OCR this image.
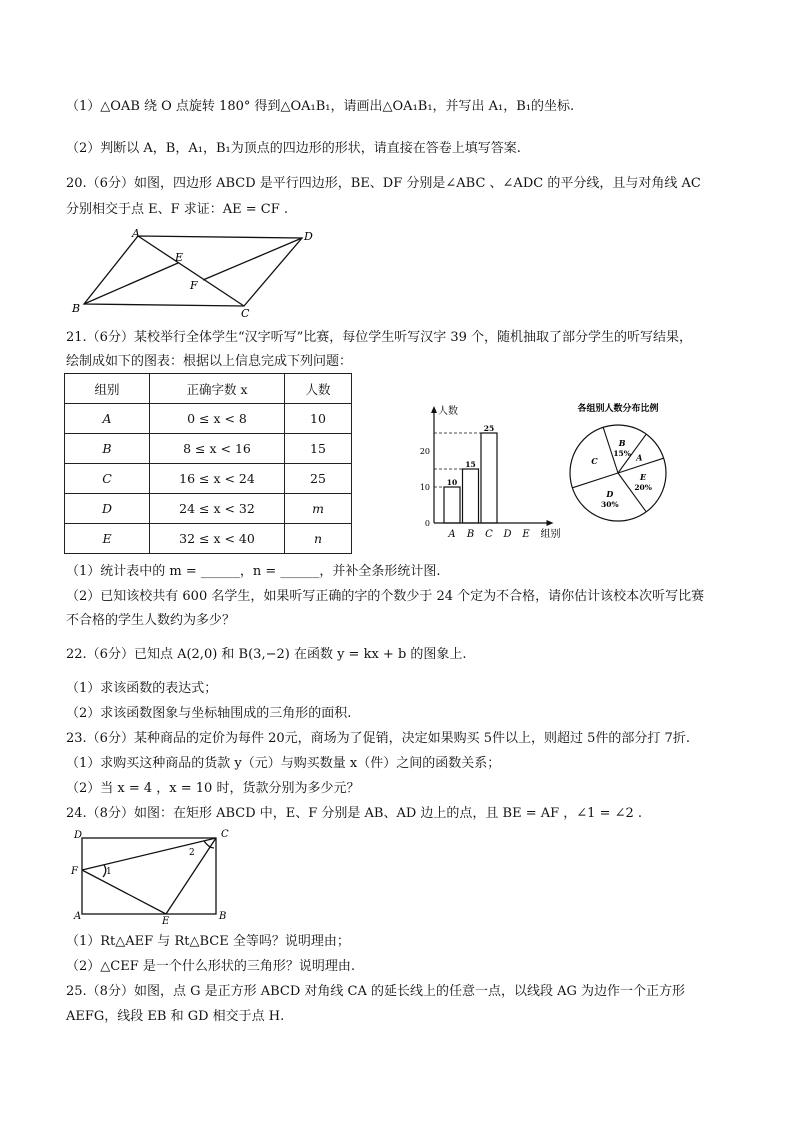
（1）△OAB 绕 O 点旋转 180° 得到△OA₁B₁，请画出△OA₁B₁，并写出 A₁，B₁的坐标.
（2）判断以 A，B，A₁，B₁为顶点的四边形的形状，请直接在答卷上填写答案.
20.（6分）如图，四边形 ABCD 是平行四边形，BE、DF 分别是∠ABC 、∠ADC 的平分线，且与对角线 AC
分别相交于点 E、F 求证：AE = CF .
A	D
E
F
B	C
21.（6分）某校举行全体学生“汉字听写”比赛，每位学生听写汉字 39 个，随机抽取了部分学生的听写结果，
绘制成如下的图表：根据以上信息完成下列问题：
组别	正确字数 x	人数
A	0 ≤ x < 8	10
B	8 ≤ x < 16	15
C	16 ≤ x < 24	25
D	24 ≤ x < 32	m
E	32 ≤ x < 40	n
人数
组别
0
10
20
A
10
B
15
C
25
D E
各组别人数分布比例
B
15% A
E
20%
D
30%
C
（1）统计表中的 m = ______，n = ______，并补全条形统计图.
（2）已知该校共有 600 名学生，如果听写正确的字的个数少于 24 个定为不合格，请你估计该校本次听写比赛
不合格的学生人数约为多少？
22.（6分）已知点 A(2,0) 和 B(3,−2) 在函数 y = kx + b 的图象上.
（1）求该函数的表达式；
（2）求该函数图象与坐标轴围成的三角形的面积.
23.（6分）某种商品的定价为每件 20元，商场为了促销，决定如果购买 5件以上，则超过 5件的部分打 7折.
（1）求购买这种商品的货款 y（元）与购买数量 x（件）之间的函数关系；
（2）当 x = 4 ，x = 10 时，货款分别为多少元？
24.（8分）如图：在矩形 ABCD 中，E、F 分别是 AB、AD 边上的点，且 BE = AF ，∠1 = ∠2 .
D	C
F
A	E	B
1
2
（1）Rt△AEF 与 Rt△BCE 全等吗？说明理由；
（2）△CEF 是一个什么形状的三角形？说明理由.
25.（8分）如图，点 G 是正方形 ABCD 对角线 CA 的延长线上的任意一点，以线段 AG 为边作一个正方形
AEFG，线段 EB 和 GD 相交于点 H.
